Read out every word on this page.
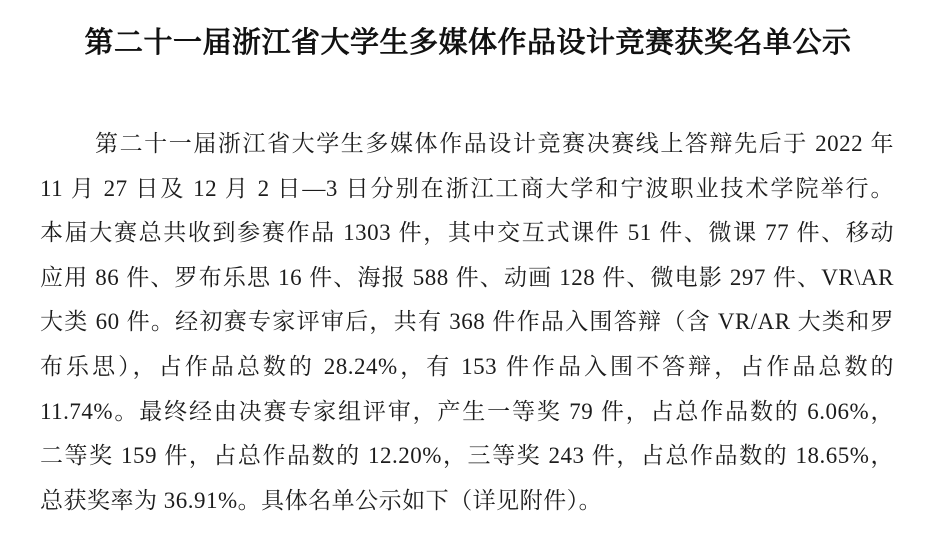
第二十一届浙江省大学生多媒体作品设计竞赛获奖名单公示
第二十一届浙江省大学生多媒体作品设计竞赛决赛线上答辩先后于 2022 年
11 月 27 日及 12 月 2 日—3 日分别在浙江工商大学和宁波职业技术学院举行。
本届大赛总共收到参赛作品 1303 件，其中交互式课件 51 件、微课 77 件、移动
应用 86 件、罗布乐思 16 件、海报 588 件、动画 128 件、微电影 297 件、VR\AR
大类 60 件。经初赛专家评审后，共有 368 件作品入围答辩（含 VR/AR 大类和罗
布乐思），占作品总数的 28.24%，有 153 件作品入围不答辩，占作品总数的
11.74%。最终经由决赛专家组评审，产生一等奖 79 件，占总作品数的 6.06%，
二等奖 159 件，占总作品数的 12.20%，三等奖 243 件，占总作品数的 18.65%，
总获奖率为 36.91%。具体名单公示如下（详见附件）。
